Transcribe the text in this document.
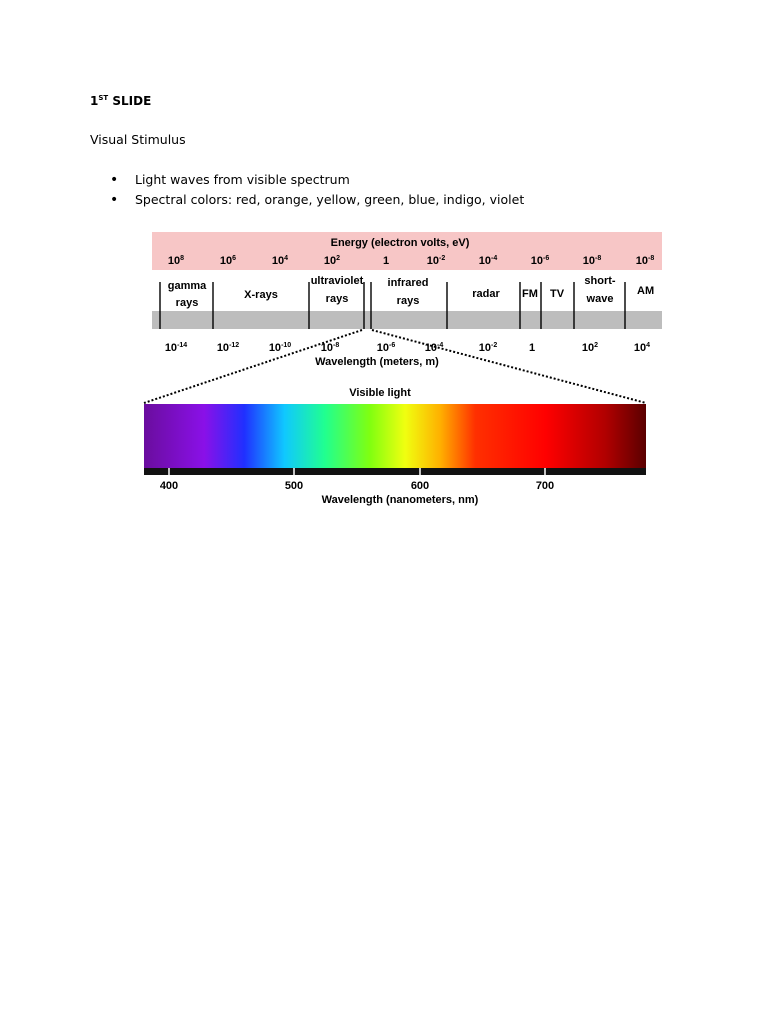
1ST SLIDE
Visual Stimulus
• Light waves from visible spectrum
• Spectral colors: red, orange, yellow, green, blue, indigo, violet
Energy (electron volts, eV)
$10^8$	$10^6$	$10^4$	$10^2$	1	$10^{-2}$	$10^{-4}$	$10^{-6}$	$10^{-8}$	$10^{-8}$
gamma
rays
X-rays
ultraviolet
rays
infrared
rays
radar FM TV
short-
wave
AM
$10^{-14}$	$10^{-12}$	$10^{-10}$	$10^{-8}$	$10^{-6}$	$10^{-4}$	$10^{-2}$	1	$10^2$	$10^4$
Wavelength (meters, m)
Visible light
400	500	600	700
Wavelength (nanometers, nm)
